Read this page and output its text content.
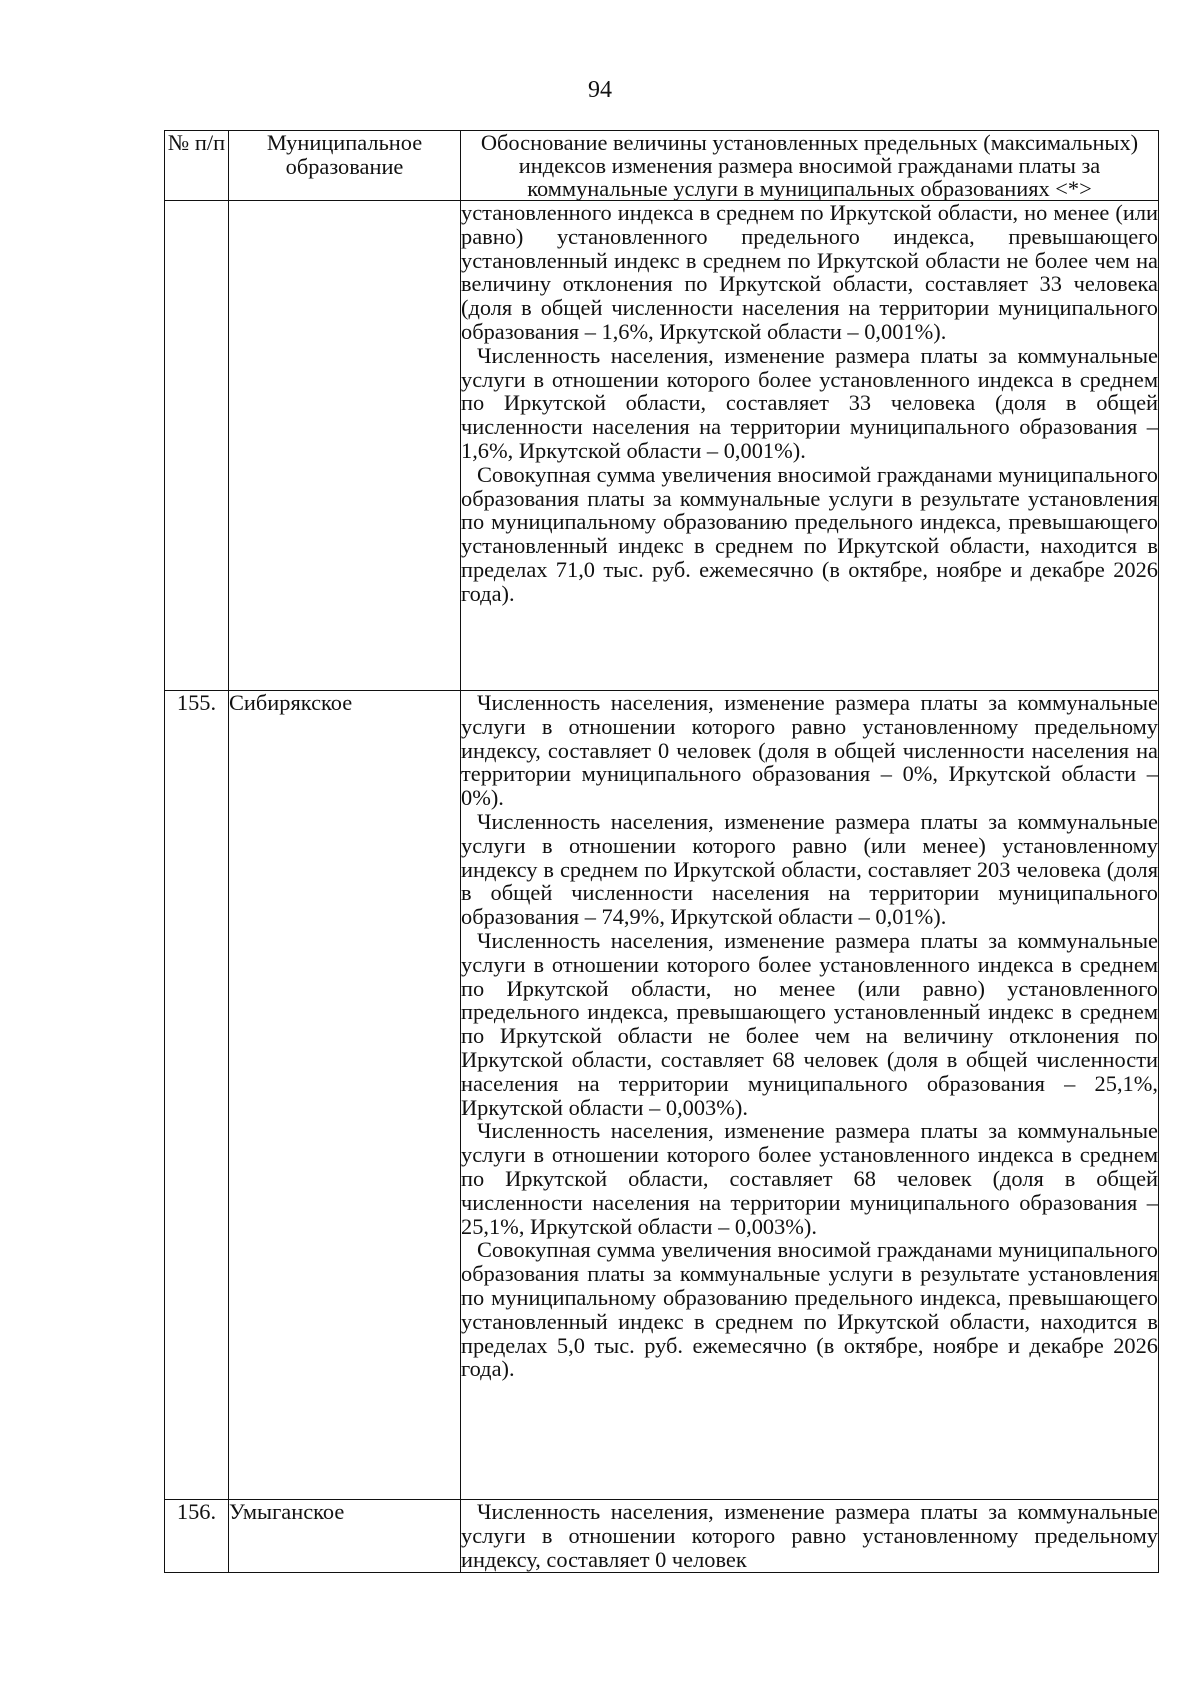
94
№ п/п	Муниципальное образование	Обоснование величины установленных предельных (максимальных) индексов изменения размера вносимой гражданами платы за коммунальные услуги в муниципальных образованиях <*>

		установленного индекса в среднем по Иркутской области, но менее (или равно) установленного предельного индекса, превышающего установленный индекс в среднем по Иркутской области не более чем на величину отклонения по Иркутской области, составляет 33 человека (доля в общей численности населения на территории муниципального образования – 1,6%, Иркутской области – 0,001%).

Численность населения, изменение размера платы за коммунальные услуги в отношении которого более установленного индекса в среднем по Иркутской области, составляет 33 человека (доля в общей численности населения на территории муниципального образования – 1,6%, Иркутской области – 0,001%).

Совокупная сумма увеличения вносимой гражданами муниципального образования платы за коммунальные услуги в результате установления по муниципальному образованию предельного индекса, превышающего установленный индекс в среднем по Иркутской области, находится в пределах 71,0 тыс. руб. ежемесячно (в октябре, ноябре и декабре 2026 года).

155.	Сибирякское	Численность населения, изменение размера платы за коммунальные услуги в отношении которого равно установленному предельному индексу, составляет 0 человек (доля в общей численности населения на территории муниципального образования – 0%, Иркутской области – 0%).

Численность населения, изменение размера платы за коммунальные услуги в отношении которого равно (или менее) установленному индексу в среднем по Иркутской области, составляет 203 человека (доля в общей численности населения на территории муниципального образования – 74,9%, Иркутской области – 0,01%).

Численность населения, изменение размера платы за коммунальные услуги в отношении которого более установленного индекса в среднем по Иркутской области, но менее (или равно) установленного предельного индекса, превышающего установленный индекс в среднем по Иркутской области не более чем на величину отклонения по Иркутской области, составляет 68 человек (доля в общей численности населения на территории муниципального образования – 25,1%, Иркутской области – 0,003%).

Численность населения, изменение размера платы за коммунальные услуги в отношении которого более установленного индекса в среднем по Иркутской области, составляет 68 человек (доля в общей численности населения на территории муниципального образования – 25,1%, Иркутской области – 0,003%).

Совокупная сумма увеличения вносимой гражданами муниципального образования платы за коммунальные услуги в результате установления по муниципальному образованию предельного индекса, превышающего установленный индекс в среднем по Иркутской области, находится в пределах 5,0 тыс. руб. ежемесячно (в октябре, ноябре и декабре 2026 года).

156.	Умыганское	Численность населения, изменение размера платы за коммунальные услуги в отношении которого равно установленному предельному индексу, составляет 0 человек
